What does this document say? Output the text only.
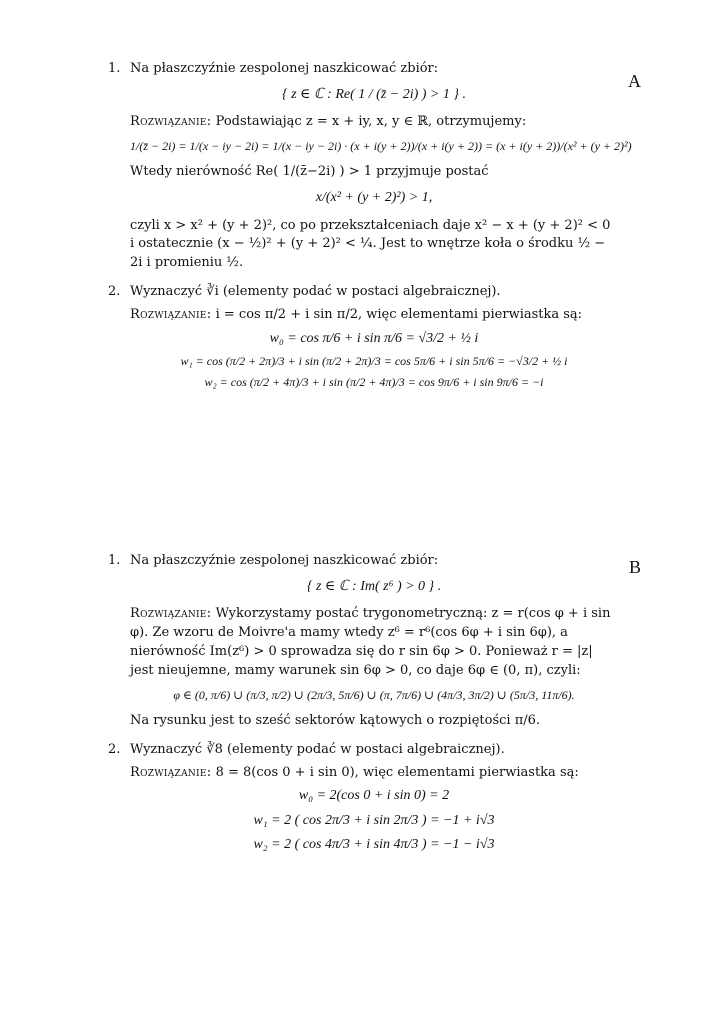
A
1. Na płaszczyźnie zespolonej naszkicować zbiór:

{ z ∈ ℂ : Re( 1 / (z̄ − 2i) ) > 1 } .

Rozwiązanie: Podstawiając z = x + iy, x, y ∈ ℝ, otrzymujemy:

1/(z̄ − 2i) = 1/(x − iy − 2i) = 1/(x − iy − 2i) · (x + i(y + 2))/(x + i(y + 2)) = (x + i(y + 2))/(x² + (y + 2)²)

Wtedy nierówność Re( 1/(z̄−2i) ) > 1 przyjmuje postać

x/(x² + (y + 2)²) > 1,

czyli x > x² + (y + 2)², co po przekształceniach daje x² − x + (y + 2)² < 0 i ostatecznie (x − ½)² + (y + 2)² < ¼. Jest to wnętrze koła o środku ½ − 2i i promieniu ½.

2. Wyznaczyć ∛i (elementy podać w postaci algebraicznej).

Rozwiązanie: i = cos π/2 + i sin π/2, więc elementami pierwiastka są:

w₀ = cos π/6 + i sin π/6 = √3/2 + ½ i
w₁ = cos (π/2 + 2π)/3 + i sin (π/2 + 2π)/3 = cos 5π/6 + i sin 5π/6 = −√3/2 + ½ i
w₂ = cos (π/2 + 4π)/3 + i sin (π/2 + 4π)/3 = cos 9π/6 + i sin 9π/6 = −i
B
1. Na płaszczyźnie zespolonej naszkicować zbiór:

{ z ∈ ℂ : Im( z⁶ ) > 0 } .

Rozwiązanie: Wykorzystamy postać trygonometryczną: z = r(cos φ + i sin φ). Ze wzoru de Moivre'a mamy wtedy z⁶ = r⁶(cos 6φ + i sin 6φ), a nierówność Im(z⁶) > 0 sprowadza się do r sin 6φ > 0. Ponieważ r = |z| jest nieujemne, mamy warunek sin 6φ > 0, co daje 6φ ∈ (0, π), czyli:

φ ∈ (0, π/6) ∪ (π/3, π/2) ∪ (2π/3, 5π/6) ∪ (π, 7π/6) ∪ (4π/3, 3π/2) ∪ (5π/3, 11π/6).

Na rysunku jest to sześć sektorów kątowych o rozpiętości π/6.

2. Wyznaczyć ∛8 (elementy podać w postaci algebraicznej).

Rozwiązanie: 8 = 8(cos 0 + i sin 0), więc elementami pierwiastka są:

w₀ = 2(cos 0 + i sin 0) = 2
w₁ = 2 ( cos 2π/3 + i sin 2π/3 ) = −1 + i√3
w₂ = 2 ( cos 4π/3 + i sin 4π/3 ) = −1 − i√3
